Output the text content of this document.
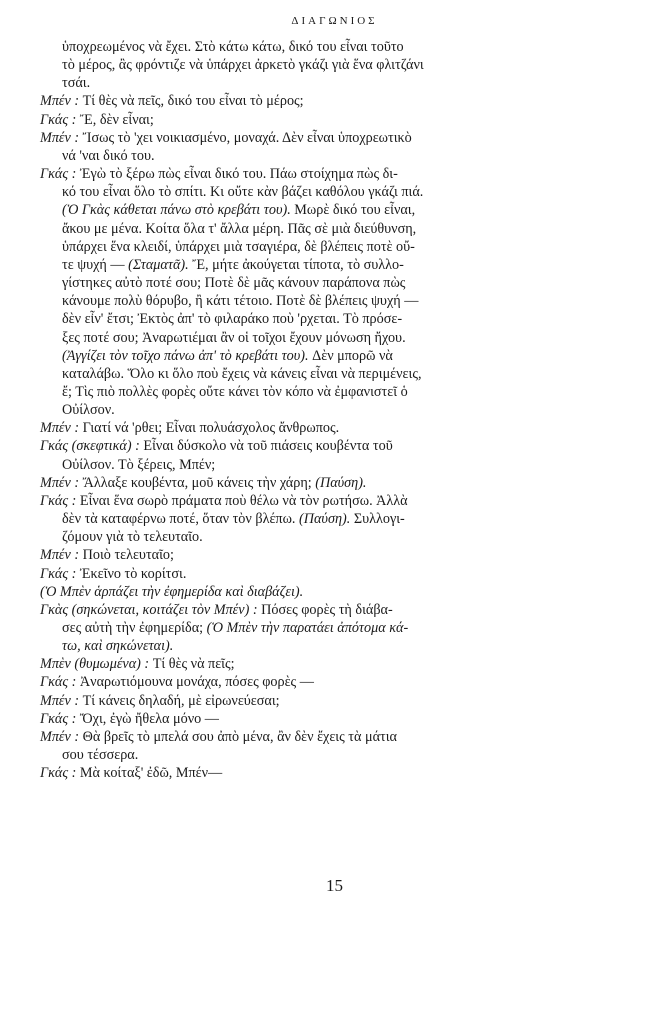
ΔΙΑΓΩΝΙΟΣ
ὑποχρεωμένος νὰ ἔχει. Στὸ κάτω κάτω, δικό του εἶναι τοῦτο
τὸ μέρος, ἂς φρόντιζε νὰ ὑπάρχει ἀρκετὸ γκάζι γιὰ ἕνα φλιτζάνι
τσάι.
Μπέν : Τί θὲς νὰ πεῖς, δικό του εἶναι τὸ μέρος;
Γκάς : Ἔ, δὲν εἶναι;
Μπέν : Ἴσως τὸ 'χει νοικιασμένο, μοναχά. Δὲν εἶναι ὑποχρεωτικὸ
νά 'ναι δικό του.
Γκάς : Ἐγὼ τὸ ξέρω πὼς εἶναι δικό του. Πάω στοίχημα πὼς δι-
κό του εἶναι ὅλο τὸ σπίτι. Κι οὔτε κὰν βάζει καθόλου γκάζι πιά.
(Ὁ Γκὰς κάθεται πάνω στὸ κρεβάτι του). Μωρὲ δικό του εἶναι,
ἄκου με μένα. Κοίτα ὅλα τ' ἄλλα μέρη. Πᾶς σὲ μιὰ διεύθυνση,
ὑπάρχει ἕνα κλειδί, ὑπάρχει μιὰ τσαγιέρα, δὲ βλέπεις ποτὲ οὔ-
τε ψυχή — (Σταματᾶ). Ἔ, μήτε ἀκούγεται τίποτα, τὸ συλλο-
γίστηκες αὐτὸ ποτέ σου; Ποτὲ δὲ μᾶς κάνουν παράπονα πὼς
κάνουμε πολὺ θόρυβο, ἢ κάτι τέτοιο. Ποτὲ δὲ βλέπεις ψυχή —
δὲν εἶν' ἔτσι; Ἐκτὸς ἀπ' τὸ φιλαράκο ποὺ 'ρχεται. Τὸ πρόσε-
ξες ποτέ σου; Ἀναρωτιέμαι ἂν οἱ τοῖχοι ἔχουν μόνωση ἤχου.
(Ἀγγίζει τὸν τοῖχο πάνω ἀπ' τὸ κρεβάτι του). Δὲν μπορῶ νὰ
καταλάβω. Ὅλο κι ὅλο ποὺ ἔχεις νὰ κάνεις εἶναι νὰ περιμένεις,
ἔ; Τὶς πιὸ πολλὲς φορὲς οὔτε κάνει τὸν κόπο νὰ ἐμφανιστεῖ ὁ
Οὐίλσον.
Μπέν : Γιατί νά 'ρθει; Εἶναι πολυάσχολος ἄνθρωπος.
Γκάς (σκεφτικά) : Εἶναι δύσκολο νὰ τοῦ πιάσεις κουβέντα τοῦ
Οὐίλσον. Τὸ ξέρεις, Μπέν;
Μπέν : Ἄλλαξε κουβέντα, μοῦ κάνεις τὴν χάρη; (Παύση).
Γκάς : Εἶναι ἕνα σωρὸ πράματα ποὺ θέλω νὰ τὸν ρωτήσω. Ἀλλὰ
δὲν τὰ καταφέρνω ποτέ, ὅταν τὸν βλέπω. (Παύση). Συλλογι-
ζόμουν γιὰ τὸ τελευταῖο.
Μπέν : Ποιὸ τελευταῖο;
Γκάς : Ἐκεῖνο τὸ κορίτσι.
(Ὁ Μπὲν ἁρπάζει τὴν ἐφημερίδα καὶ διαβάζει).
Γκὰς (σηκώνεται, κοιτάζει τὸν Μπέν) : Πόσες φορὲς τὴ διάβα-
σες αὐτὴ τὴν ἐφημερίδα; (Ὁ Μπὲν τὴν παρατάει ἀπότομα κά-
τω, καὶ σηκώνεται).
Μπὲν (θυμωμένα) : Τί θὲς νὰ πεῖς;
Γκάς : Ἀναρωτιόμουνα μονάχα, πόσες φορὲς —
Μπέν : Τί κάνεις δηλαδή, μὲ εἰρωνεύεσαι;
Γκάς : Ὄχι, ἐγὼ ἤθελα μόνο —
Μπέν : Θὰ βρεῖς τὸ μπελά σου ἀπὸ μένα, ἂν δὲν ἔχεις τὰ μάτια
σου τέσσερα.
Γκάς : Μὰ κοίταξ' ἐδῶ, Μπέν—
15
